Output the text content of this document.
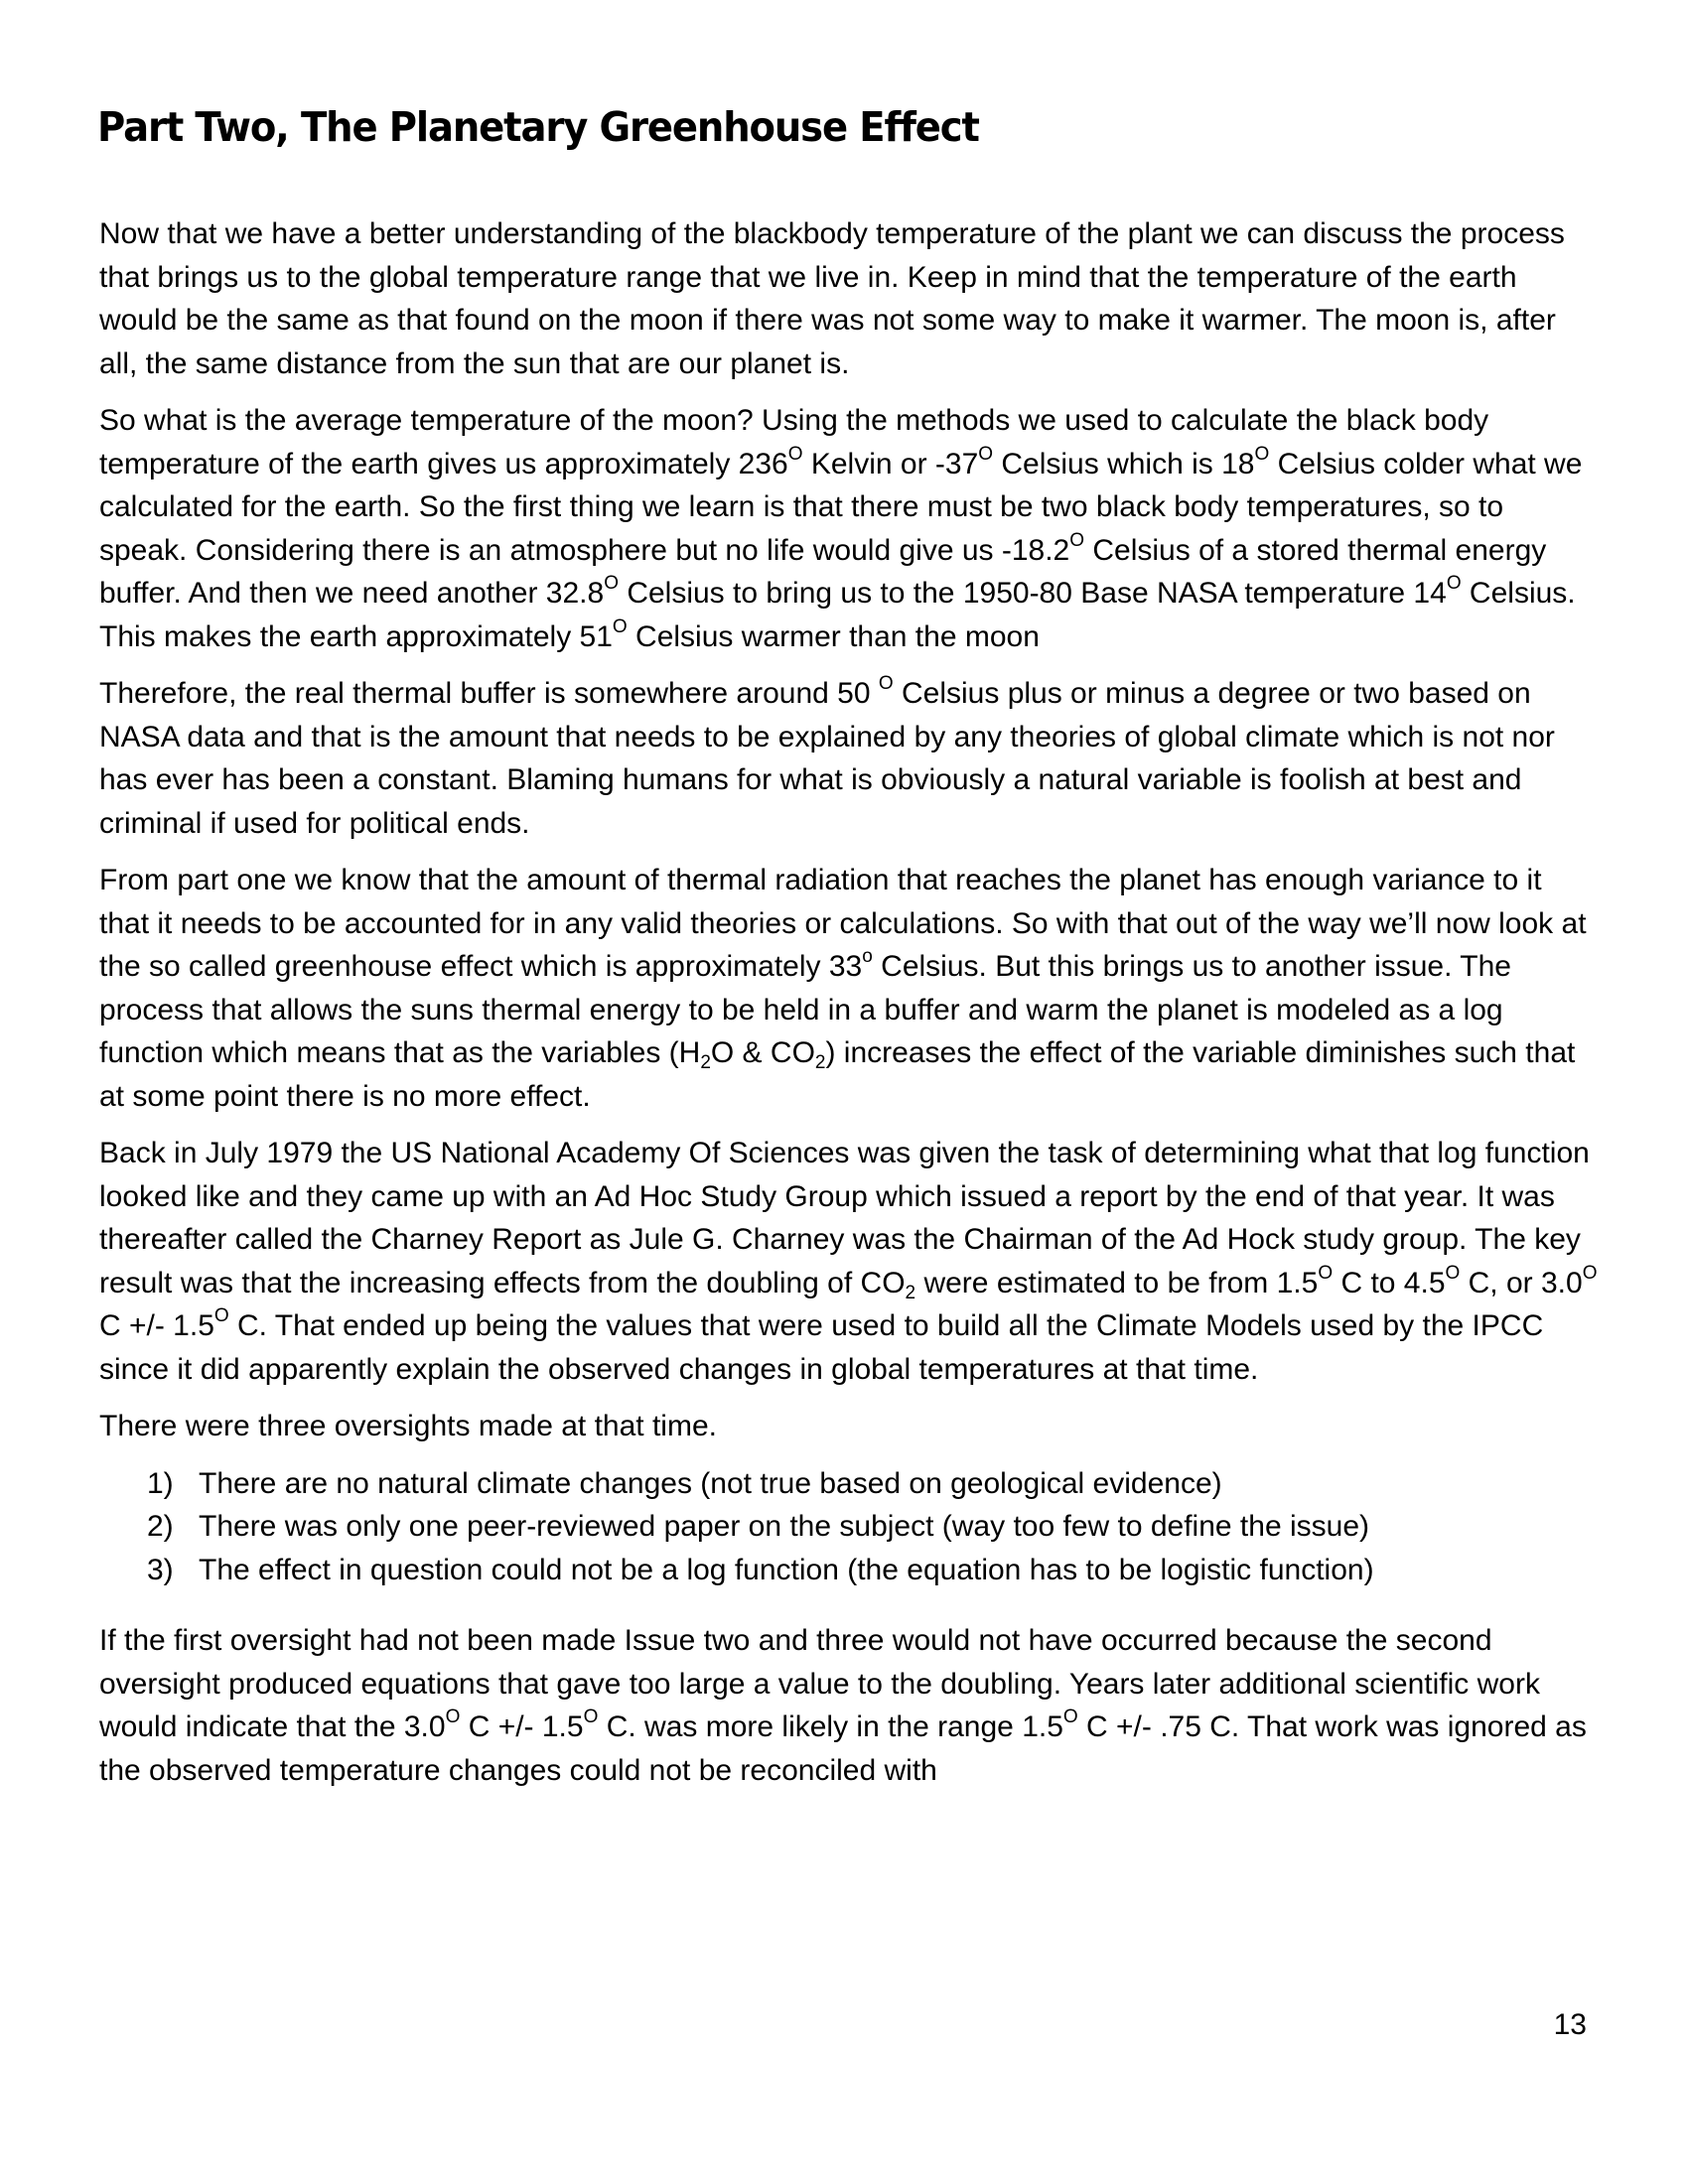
Part Two, The Planetary Greenhouse Effect

Now that we have a better understanding of the blackbody temperature of the plant we can discuss the process that brings us to the global temperature range that we live in. Keep in mind that the temperature of the earth would be the same as that found on the moon if there was not some way to make it warmer. The moon is, after all, the same distance from the sun that are our planet is.

So what is the average temperature of the moon? Using the methods we used to calculate the black body temperature of the earth gives us approximately $236^O$ Kelvin or $-37^O$ Celsius which is $18^O$ Celsius colder what we calculated for the earth. So the first thing we learn is that there must be two black body temperatures, so to speak. Considering there is an atmosphere but no life would give us $-18.2^O$ Celsius of a stored thermal energy buffer. And then we need another $32.8^O$ Celsius to bring us to the 1950-80 Base NASA temperature $14^O$ Celsius. This makes the earth approximately $51^O$ Celsius warmer than the moon

Therefore, the real thermal buffer is somewhere around 50 $^O$ Celsius plus or minus a degree or two based on NASA data and that is the amount that needs to be explained by any theories of global climate which is not nor has ever has been a constant. Blaming humans for what is obviously a natural variable is foolish at best and criminal if used for political ends.

From part one we know that the amount of thermal radiation that reaches the planet has enough variance to it that it needs to be accounted for in any valid theories or calculations. So with that out of the way we’ll now look at the so called greenhouse effect which is approximately 33$^o$ Celsius. But this brings us to another issue. The process that allows the suns thermal energy to be held in a buffer and warm the planet is modeled as a log function which means that as the variables ($H_2O$ & $CO_2$) increases the effect of the variable diminishes such that at some point there is no more effect.

Back in July 1979 the US National Academy Of Sciences was given the task of determining what that log function looked like and they came up with an Ad Hoc Study Group which issued a report by the end of that year. It was thereafter called the Charney Report as Jule G. Charney was the Chairman of the Ad Hock study group. The key result was that the increasing effects from the doubling of $CO_2$ were estimated to be from $1.5^O$ C to $4.5^O$ C, or $3.0^O$ C +/- $1.5^O$ C. That ended up being the values that were used to build all the Climate Models used by the IPCC since it did apparently explain the observed changes in global temperatures at that time.

There were three oversights made at that time.

1) There are no natural climate changes (not true based on geological evidence)
2) There was only one peer-reviewed paper on the subject (way too few to define the issue)
3) The effect in question could not be a log function (the equation has to be logistic function)

If the first oversight had not been made Issue two and three would not have occurred because the second oversight produced equations that gave too large a value to the doubling. Years later additional scientific work would indicate that the $3.0^O$ C +/- $1.5^O$ C. was more likely in the range $1.5^O$ C +/- .75 C. That work was ignored as the observed temperature changes could not be reconciled with

13
